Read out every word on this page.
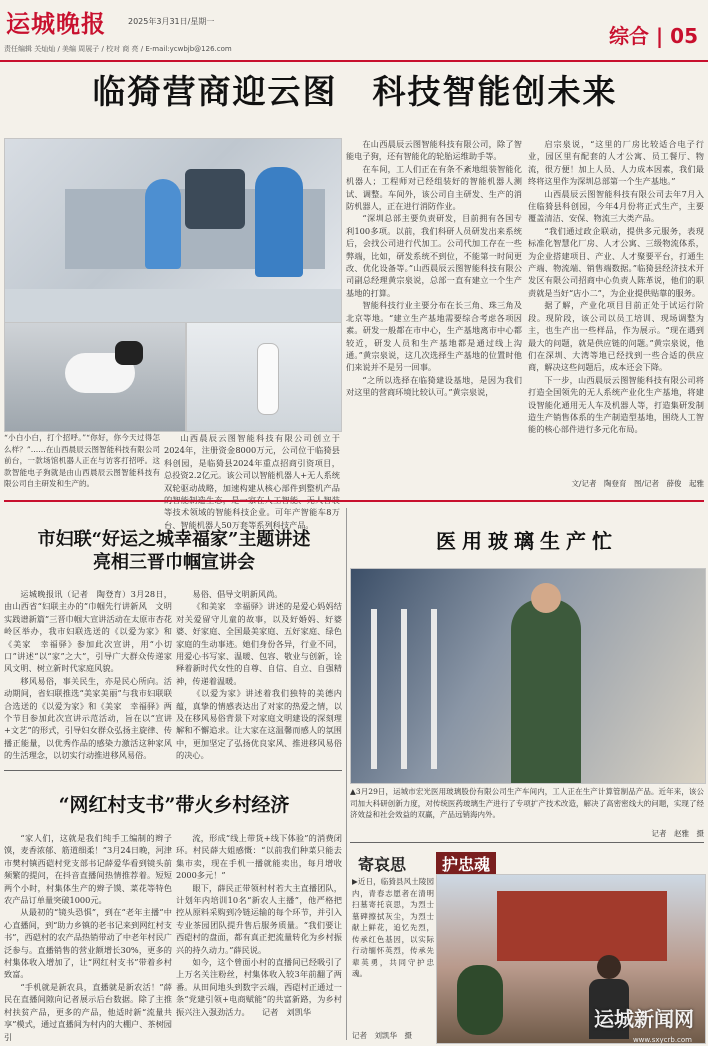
运城晚报	2025年3月31日/星期一
责任编辑 关灿灿 / 美编 周展子 / 校对 商 亮 / E-mail:ycwbjb@126.com
综合 | 05
临猗营商迎云图　科技智能创未来
“小白小白，打个招呼。”“你好，你今天过得怎么样？”……在山西晨辰云图智能科技有限公司前台，一款场馆机器人正在与访客打招呼。这款智能电子狗就是由山西晨辰云图智能科技有限公司自主研发和生产的。

山西晨辰云图智能科技有限公司创立于2024年，注册资金8000万元，公司位于临猗县科创园，是临猗县2024年重点招商引资项目，总投资2.2亿元。该公司以智能机器人+无人系统双轮驱动战略，加速构建从核心部件到整机产品 等技术领域的智能科技企业。可年产智能车8万台、智能机器人50万套等系列科技产品。

在山西晨辰云图智能科技有限公司，除了智能电子狗，还有智能化的轮胎运维助手等。

在车间，工人们正在有条不紊地组装智能化机器人；工程师对已经组装好的智能机器人测试、调整。车间外，该公司自主研发、生产的消防机器人，正在进行消防作业。

“深圳总部主要负责研发，目前拥有各国专利100多项。以前，我们科研人员研发出来系统后，会找公司进行代加工。公司代加工存在一些弊端，比如，研发系统不到位，不能第一时间更改、优化设备等。”山西晨辰云图智能科技有限公司副总经理黄宗泉说，总部一直有建立一个生产基地的打算。

智能科技行业主要分布在长三角、珠三角及北京等地。“建立生产基地需要综合考虑各项因素。研发一般都在市中心，生产基地离市中心都较近，研发人员和生产基地都是通过线上沟通。”黄宗泉说，这几次选择生产基地的位置时他们来说并不是另一回事。

“之所以选择在临猗建设基地，是因为我们对这里的营商环境比较认可。”黄宗泉说，

启宗泉说，“这里的厂房比较适合电子行业，园区里有配套的人才公寓、员工餐厅、物流，很方便！加上人员、人力成本因素，我们最终将这里作为深圳总部第一个生产基地。”

山西晨辰云图智能科技有限公司去年7月入住临猗县科创园，今年4月份将正式生产，主要覆盖清洁、安保、物流三大类产品。

“我们通过政企联动，提供多元服务，表现标准化智慧化厂房、人才公寓、三级物流体系，为企业搭建项目、产业、人才聚要平台，打通生产端、物流端、销售端数据。”临猗县经济技术开发区有限公司招商中心负责人陈革说，他们的职责就是当好“店小二”，为企业提供贴靠的服务。

据了解，产业化项目目前正处于试运行阶段。现阶段，该公司以员工培训、现场调整为主，也生产出一些样品，作为展示。“现在遇到最大的问题，就是供应链的问题。”黄宗泉说，他们在深圳、大湾等地已经找到一些合适的供应商，解决这些问题后，成本还会下降。

下一步，山西晨辰云图智能科技有限公司将打造全国领先的无人系统产业化生产基地，将建设智能化通用无人车及机器人等，打造集研发制造生产销售体系的生产制造型基地，围绕人工智能的核心部件进行多元化布局。

文/记者　陶登育　图/记者　薛俊　起雅
市妇联“好运之城幸福家”主题讲述
亮相三晋巾帼宣讲会

运城晚报讯（记者　陶登育）3月28日，由山西省“妇联主办的”巾帼先行讲新风　文明实践谱新篇”三晋巾帼大宣讲活动在太原市杏花岭区举办，我市妇联选送的《以爱为家》和《美家　幸福驿》参加此次宣讲，用“小切口”讲述“以“家”之大”，引导广大群众传递家风文明、树立新时代家庭风貌。

移风易俗，事关民生，亦是民心所向。活动期间，省妇联推选“美家美丽”与我市妇联联合选送的《以爱为家》和《美家　幸福驿》两个节目参加此次宣讲示范活动，旨在以“宣讲+文艺”的形式，引导妇女群众弘扬主旋律、传播正能量，以优秀作品的感染力激活这种家风的生活理念，以切实行动推进移风易俗。

易俗、倡导文明新风尚。

《和美家　幸福驿》讲述的是爱心妈妈结对关爱留守儿童的故事，以及好婚妈、好婆婆、好家庭、全国最美家庭、五好家庭、绿色家庭的生动事迹。她们身份各异，行业不同，用爱心书写家、温暖、包容、敬业与创新，诠释着新时代女性的自尊、自信、自立、自强精神，传递着温暖。

《以爱为家》讲述着我们独特的美德内蕴，真挚的情感表达出了对家的热爱之情，以及在移风易俗背景下对家庭文明建设的深刻理解和不懈追求。让大家在这温馨而感人的氛围中，更加坚定了弘扬优良家风、推进移风易俗的决心。

“网红村支书”带火乡村经济

“家人们，这就是我们纯手工编制的辫子馍，麦香浓郁、筋道细柔！”3月24日晚，河津市樊村镇西硙村党支部书记薛爱华看到镜头前频繁的提问，在抖音直播间热情推荐着。短短两个小时，村集体生产的辫子馍、菜花等特色农产品订单量突破1000元。

从最初的“镜头恐惧”，到在“老年主播”中心直播间，到“助力乡镇的老书记来到网红村支书”，西硙村的农产品热销带动了中老年村民广泛参与。直播销售的营业额增长30%，更多的村集体收入增加了，让“网红村支书”带着乡村致富。

“手机就是新农具，直播就是新农活！”薛民在直播间隙向记者展示后台数据。除了主推村扶贫产品，更多的产品，他适时新“流量共享”模式，通过直播间为村内的大棚户、茶树园引

流，形成“线上带货+线下体验”的消费闭环。村民薛大姐感慨：“以前我们种菜只能去集市卖，现在手机一播就能卖出，每月增收2000多元！”

眼下，薛民正带领村村若大主直播团队，计划年内培训10名“新农人主播”，他严格把控从原料采购到冷链运输的每个环节，并引入专业茶园团队提升售后服务质量。“我们要让西硙村的盘面，都有真正把流量转化为乡村振兴的持久动力。”薛民说。

如今，这个曾面小村的直播间已经吸引了上万名关注粉丝，村集体收入较3年前翻了两番。从田间地头到数字云端，西硙村正通过一条“党建引领+电商赋能”的共富新路，为乡村振兴注入强劲活力。　　记者　刘凯华

医用玻璃生产忙
▲3月29日，运城市宏光医用玻璃股份有限公司生产车间内，工人正在生产计算管制品产品。近年来，该公司加大科研创新力度，对传统医药玻璃生产进行了专项扩产技术改造，解决了高密密线大的问题，实现了经济效益和社会效益的双赢，产品远销海内外。
记者　赵雅　摄
寄哀思	护忠魂
▶近日，临猗县风土陵园内，青春志愿者在清明扫墓寄托哀思，为烈士墓碑擦拭灰尘，为烈士献上鲜花，追忆先烈，传承红色基因，以实际行动缅怀英烈，传承先辈英勇，共同守护忠魂。
记者　刘凯华　摄
运城新闻网
www.sxycrb.com
